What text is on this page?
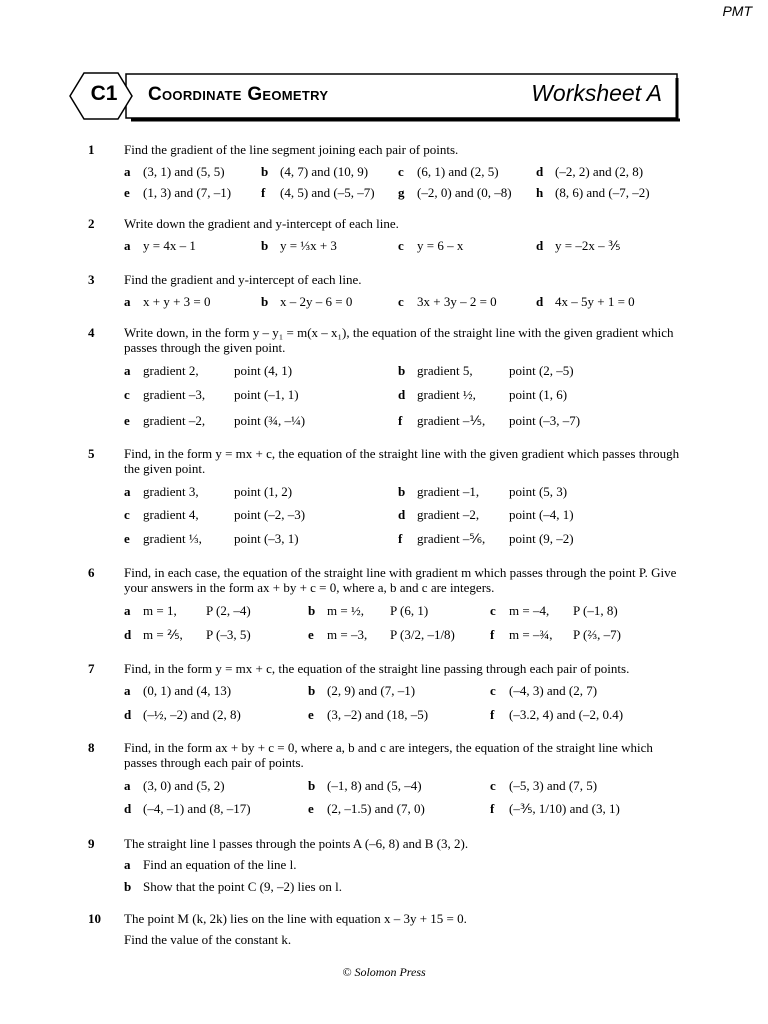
PMT
C1	Coordinate Geometry	Worksheet A
1 Find the gradient of the line segment joining each pair of points.
a (3, 1) and (5, 5)	b (4, 7) and (10, 9) c (6, 1) and (2, 5)	d (–2, 2) and (2, 8)
e (1, 3) and (7, –1) f (4, 5) and (–5, –7) g (–2, 0) and (0, –8) h (8, 6) and (–7, –2)
2 Write down the gradient and y-intercept of each line.
a y = 4x – 1	b y = ⅓x + 3	c y = 6 – x	d y = –2x – ⅗
3 Find the gradient and y-intercept of each line.
a x + y + 3 = 0	b x – 2y – 6 = 0	c 3x + 3y – 2 = 0	d 4x – 5y + 1 = 0
4 Write down, in the form y – y₁ = m(x – x₁), the equation of the straight line with the given gradient which passes through the given point.
a gradient 2,	point (4, 1)	b gradient 5,	point (2, –5)
c gradient –3, point (–1, 1)	d gradient ½,	point (1, 6)
e gradient –2, point (¾, –¼)	f gradient –⅕, point (–3, –7)
5 Find, in the form y = mx + c, the equation of the straight line with the given gradient which passes through the given point.
a gradient 3,	point (1, 2)	b gradient –1, point (5, 3)
c gradient 4,	point (–2, –3)	d gradient –2, point (–4, 1)
e gradient ⅓, point (–3, 1)	f gradient –⅚, point (9, –2)
6 Find, in each case, the equation of the straight line with gradient m which passes through the point P. Give your answers in the form ax + by + c = 0, where a, b and c are integers.
a m = 1, P (2, –4)	b m = ½, P (6, 1)	c m = –4, P (–1, 8)
d m = ⅖, P (–3, 5)	e m = –3, P (3/2, –1/8)	f m = –¾, P (⅔, –7)
7 Find, in the form y = mx + c, the equation of the straight line passing through each pair of points.
a (0, 1) and (4, 13)	b (2, 9) and (7, –1)	c (–4, 3) and (2, 7)
d (–½, –2) and (2, 8)	e (3, –2) and (18, –5)	f (–3.2, 4) and (–2, 0.4)
8 Find, in the form ax + by + c = 0, where a, b and c are integers, the equation of the straight line which passes through each pair of points.
a (3, 0) and (5, 2)	b (–1, 8) and (5, –4)	c (–5, 3) and (7, 5)
d (–4, –1) and (8, –17)	e (2, –1.5) and (7, 0)	f (–⅗, 1/10) and (3, 1)
9 The straight line l passes through the points A (–6, 8) and B (3, 2).
a Find an equation of the line l.
b Show that the point C (9, –2) lies on l.
10 The point M (k, 2k) lies on the line with equation x – 3y + 15 = 0.
Find the value of the constant k.
© Solomon Press
